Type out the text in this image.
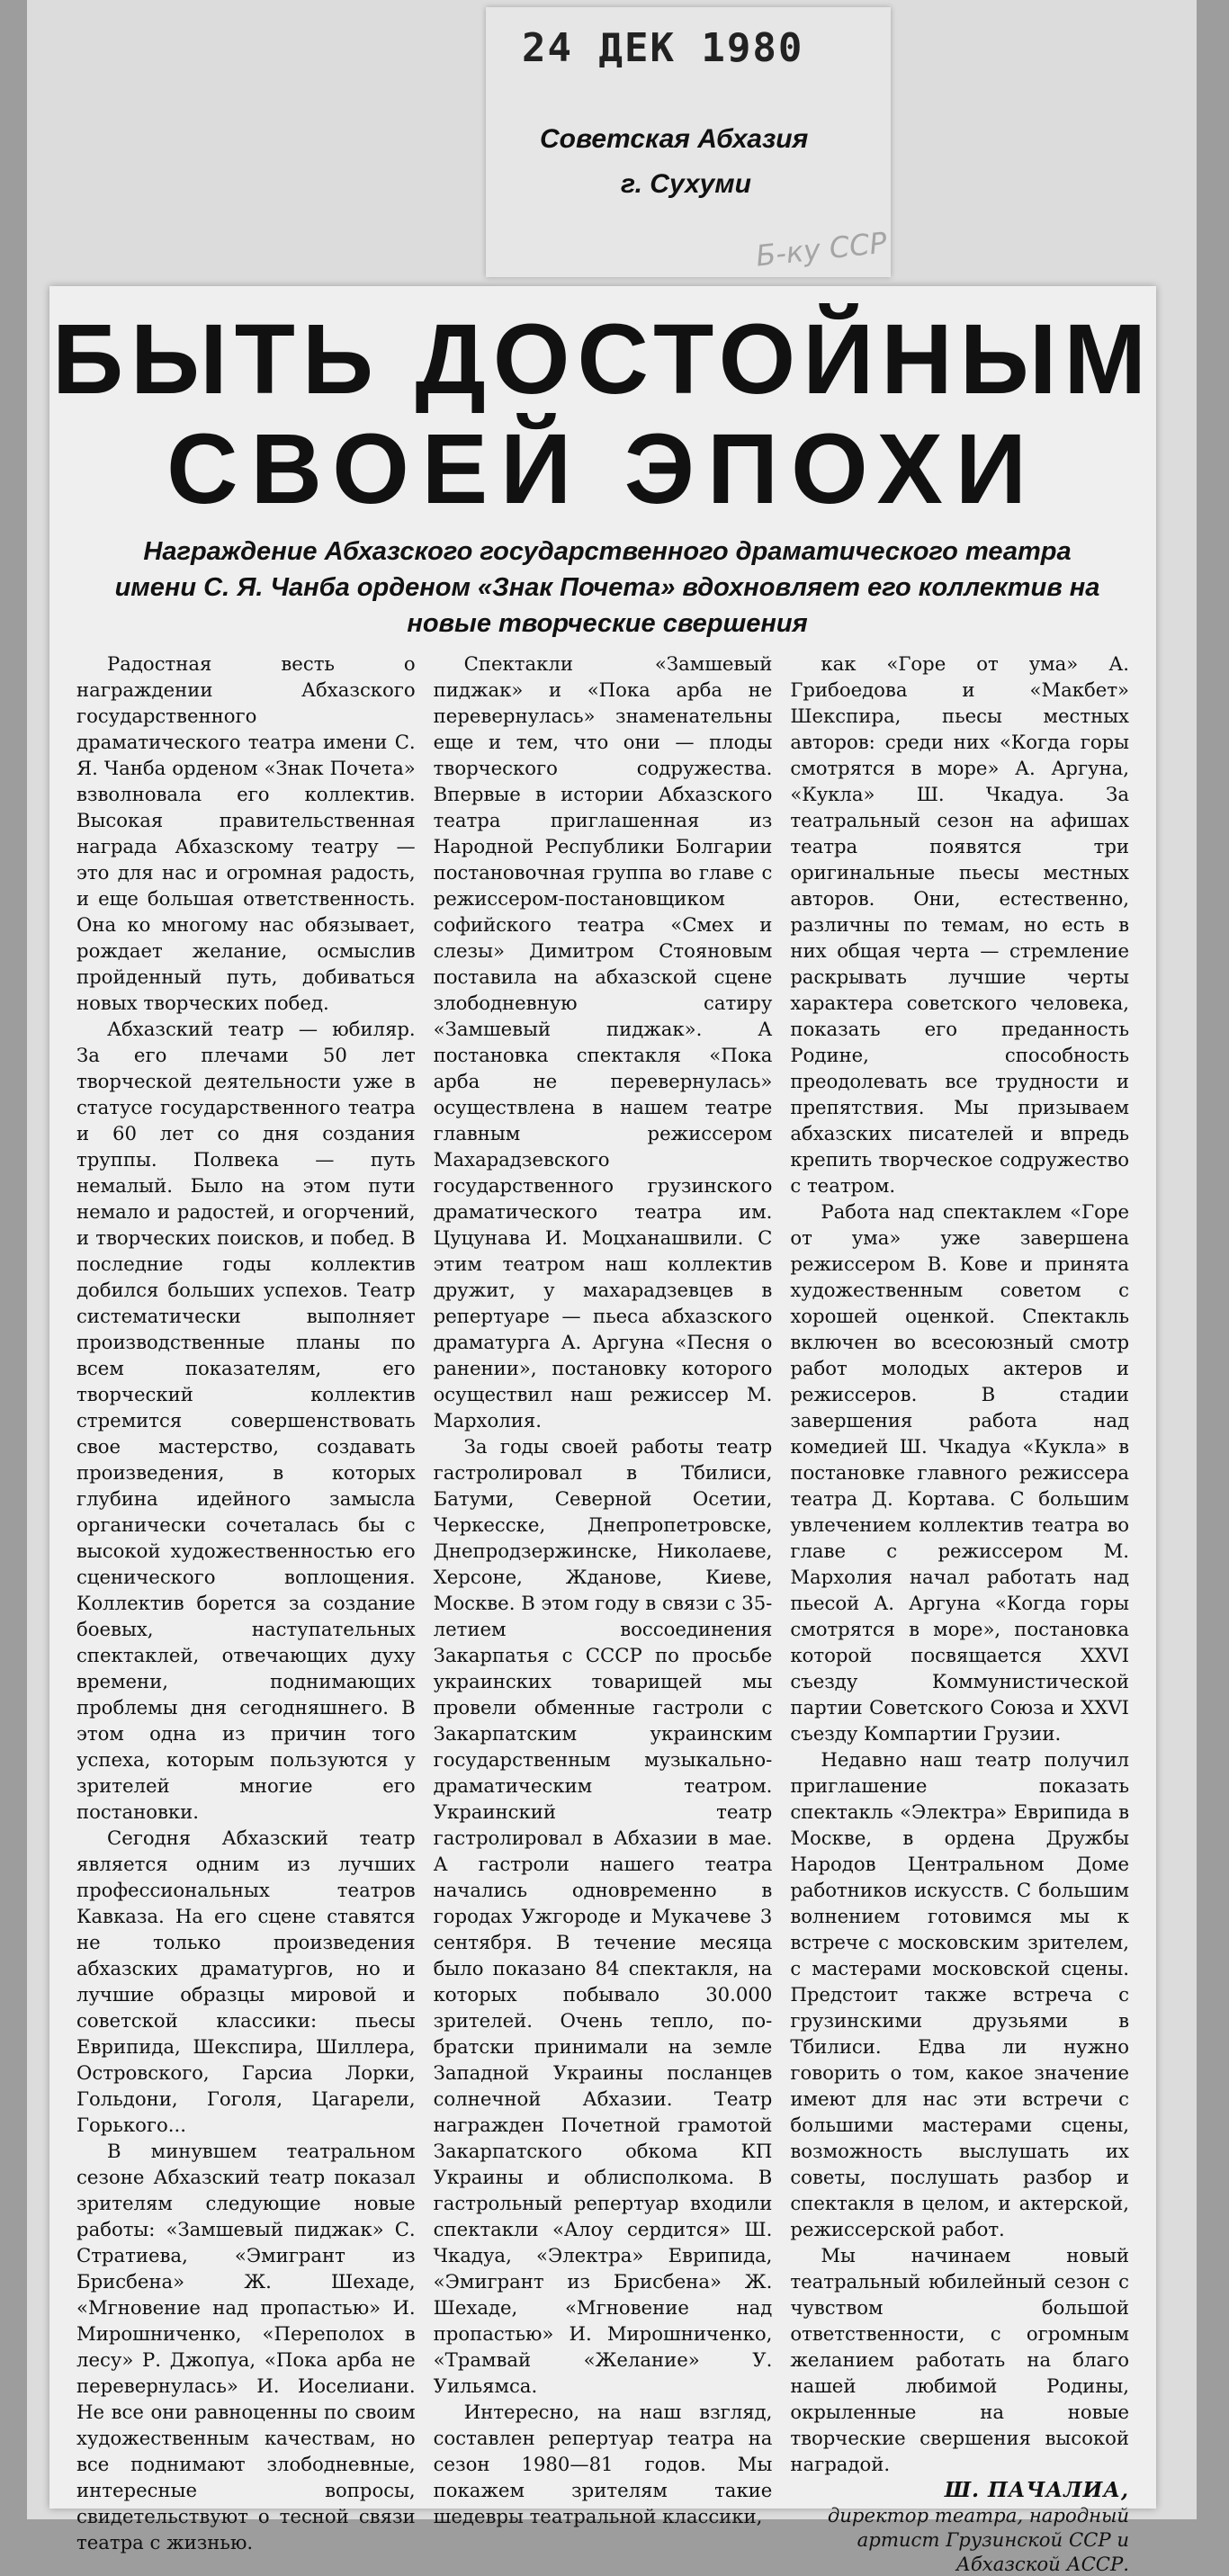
24 ДЕК 1980
Советская Абхазия
г. Сухуми
Б-ку ССР
БЫТЬ ДОСТОЙНЫМ
СВОЕЙ ЭПОХИ
Награждение Абхазского государственного драматического театра имени С. Я. Чанба орденом «Знак Почета» вдохновляет его коллектив на новые творческие свершения

Радостная весть о награждении Абхазского государственного драматического театра имени С. Я. Чанба орденом «Знак Почета» взволновала его коллектив. Высокая правительственная награда Абхазскому театру — это для нас и огромная радость, и еще большая ответственность. Она ко многому нас обязывает, рождает желание, осмыслив пройденный путь, добиваться новых творческих побед.

Абхазский театр — юбиляр. За его плечами 50 лет творческой деятельности уже в статусе государственного театра и 60 лет со дня создания труппы. Полвека — путь немалый. Было на этом пути немало и радостей, и огорчений, и творческих поисков, и побед. В последние годы коллектив добился больших успехов. Театр систематически выполняет производственные планы по всем показателям, его творческий коллектив стремится совершенствовать свое мастерство, создавать произведения, в которых глубина идейного замысла органически сочеталась бы с высокой художественностью его сценического воплощения. Коллектив борется за создание боевых, наступательных спектаклей, отвечающих духу времени, поднимающих проблемы дня сегодняшнего. В этом одна из причин того успеха, которым пользуются у зрителей многие его постановки.

Сегодня Абхазский театр является одним из лучших профессиональных театров Кавказа. На его сцене ставятся не только произведения абхазских драматургов, но и лучшие образцы мировой и советской классики: пьесы Еврипида, Шекспира, Шиллера, Островского, Гарсиа Лорки, Гольдони, Гоголя, Цагарели, Горького...

В минувшем театральном сезоне Абхазский театр показал зрителям следующие новые работы: «Замшевый пиджак» С. Стратиева, «Эмигрант из Брисбена» Ж. Шехаде, «Мгновение над пропастью» И. Мирошниченко, «Переполох в лесу» Р. Джопуа, «Пока арба не перевернулась» И. Иоселиани. Не все они равноценны по своим художественным качествам, но все поднимают злободневные, интересные вопросы, свидетельствуют о тесной связи театра с жизнью.

Спектакли «Замшевый пиджак» и «Пока арба не перевернулась» знаменательны еще и тем, что они — плоды творческого содружества. Впервые в истории Абхазского театра приглашенная из Народной Республики Болгарии постановочная группа во главе с режиссером-постановщиком софийского театра «Смех и слезы» Димитром Стояновым поставила на абхазской сцене злободневную сатиру «Замшевый пиджак». А постановка спектакля «Пока арба не перевернулась» осуществлена в нашем театре главным режиссером Махарадзевского государственного грузинского драматического театра им. Цуцунава И. Моцханашвили. С этим театром наш коллектив дружит, у махарадзевцев в репертуаре — пьеса абхазского драматурга А. Аргуна «Песня о ранении», постановку которого осуществил наш режиссер М. Мархолия.

За годы своей работы театр гастролировал в Тбилиси, Батуми, Северной Осетии, Черкесске, Днепропетровске, Днепродзержинске, Николаеве, Херсоне, Жданове, Киеве, Москве. В этом году в связи с 35-летием воссоединения Закарпатья с СССР по просьбе украинских товарищей мы провели обменные гастроли с Закарпатским украинским государственным музыкально-драматическим театром. Украинский театр гастролировал в Абхазии в мае. А гастроли нашего театра начались одновременно в городах Ужгороде и Мукачеве 3 сентября. В течение месяца было показано 84 спектакля, на которых побывало 30.000 зрителей. Очень тепло, по-братски принимали на земле Западной Украины посланцев солнечной Абхазии. Театр награжден Почетной грамотой Закарпатского обкома КП Украины и облисполкома. В гастрольный репертуар входили спектакли «Алоу сердится» Ш. Чкадуа, «Электра» Еврипида, «Эмигрант из Брисбена» Ж. Шехаде, «Мгновение над пропастью» И. Мирошниченко, «Трамвай «Желание» У. Уильямса.

Интересно, на наш взгляд, составлен репертуар театра на сезон 1980—81 годов. Мы покажем зрителям такие шедевры театральной классики,

как «Горе от ума» А. Грибоедова и «Макбет» Шекспира, пьесы местных авторов: среди них «Когда горы смотрятся в море» А. Аргуна, «Кукла» Ш. Чкадуа. За театральный сезон на афишах театра появятся три оригинальные пьесы местных авторов. Они, естественно, различны по темам, но есть в них общая черта — стремление раскрывать лучшие черты характера советского человека, показать его преданность Родине, способность преодолевать все трудности и препятствия. Мы призываем абхазских писателей и впредь крепить творческое содружество с театром.

Работа над спектаклем «Горе от ума» уже завершена режиссером В. Кове и принята художественным советом с хорошей оценкой. Спектакль включен во всесоюзный смотр работ молодых актеров и режиссеров. В стадии завершения работа над комедией Ш. Чкадуа «Кукла» в постановке главного режиссера театра Д. Кортава. С большим увлечением коллектив театра во главе с режиссером М. Мархолия начал работать над пьесой А. Аргуна «Когда горы смотрятся в море», постановка которой посвящается XXVI съезду Коммунистической партии Советского Союза и XXVI съезду Компартии Грузии.

Недавно наш театр получил приглашение показать спектакль «Электра» Еврипида в Москве, в ордена Дружбы Народов Центральном Доме работников искусств. С большим волнением готовимся мы к встрече с московским зрителем, с мастерами московской сцены. Предстоит также встреча с грузинскими друзьями в Тбилиси. Едва ли нужно говорить о том, какое значение имеют для нас эти встречи с большими мастерами сцены, возможность выслушать их советы, послушать разбор и спектакля в целом, и актерской, режиссерской работ.

Мы начинаем новый театральный юбилейный сезон с чувством большой ответственности, с огромным желанием работать на благо нашей любимой Родины, окрыленные на новые творческие свершения высокой наградой.

Ш. ПАЧАЛИА,

директор театра, народный артист Грузинской ССР и Абхазской АССР.
